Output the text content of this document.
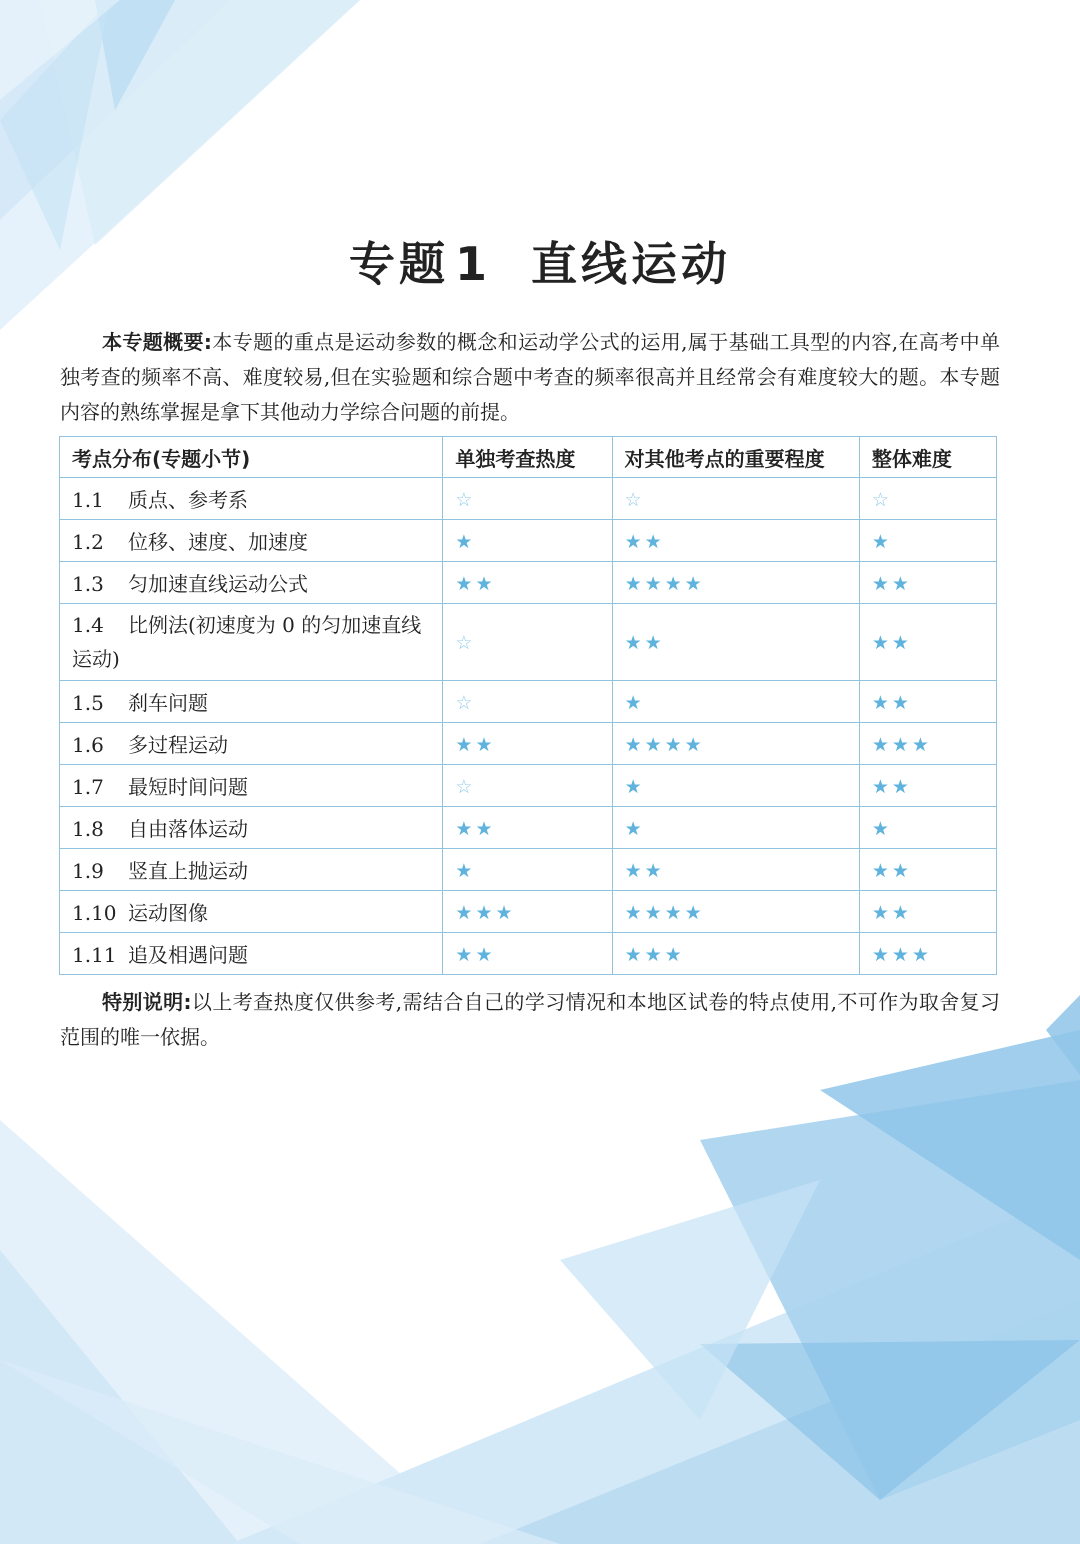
专题 1 直线运动

本专题概要:本专题的重点是运动参数的概念和运动学公式的运用,属于基础工具型的内容,在高考中单独考查的频率不高、难度较易,但在实验题和综合题中考查的频率很高并且经常会有难度较大的题。本专题内容的熟练掌握是拿下其他动力学综合问题的前提。

考点分布(专题小节)	单独考查热度	对其他考点的重要程度	整体难度
1.1 质点、参考系	☆	☆	☆
1.2 位移、速度、加速度	★	★★	★
1.3 匀加速直线运动公式	★★	★★★★	★★
1.4 比例法(初速度为 0 的匀加速直线运动)	☆	★★	★★
1.5 刹车问题	☆	★	★★
1.6 多过程运动	★★	★★★★	★★★
1.7 最短时间问题	☆	★	★★
1.8 自由落体运动	★★	★	★
1.9 竖直上抛运动	★	★★	★★
1.10 运动图像	★★★	★★★★	★★
1.11 追及相遇问题	★★	★★★	★★★

特别说明:以上考查热度仅供参考,需结合自己的学习情况和本地区试卷的特点使用,不可作为取舍复习范围的唯一依据。
